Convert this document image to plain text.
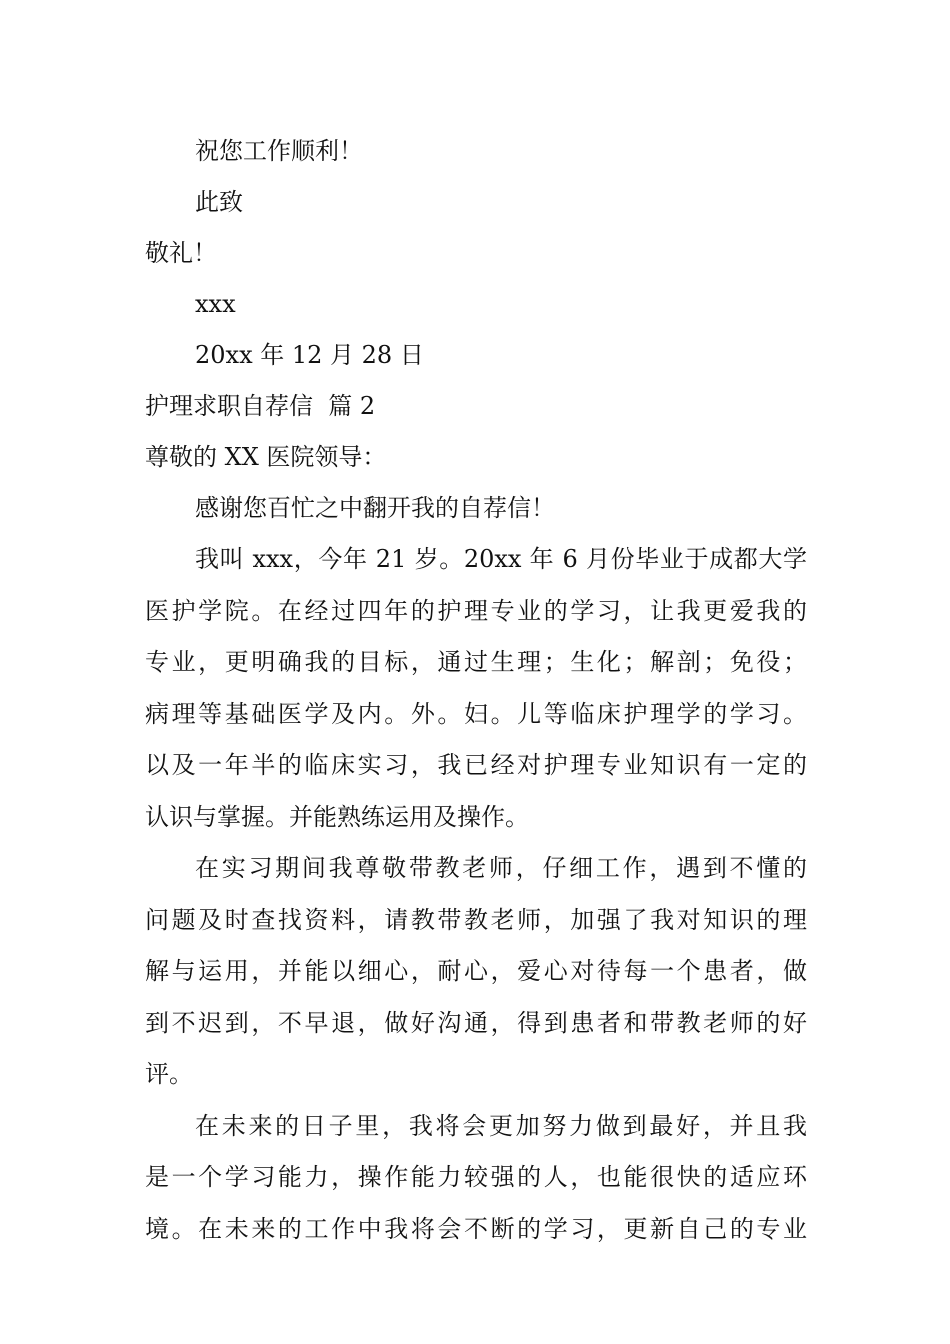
祝您工作顺利！
此致
敬礼！
xxx
20xx 年 12 月 28 日
护理求职自荐信  篇 2
尊敬的 XX 医院领导：
感谢您百忙之中翻开我的自荐信！
我叫 xxx，今年 21 岁。20xx 年 6 月份毕业于成都大学
医护学院。在经过四年的护理专业的学习，让我更爱我的
专业，更明确我的目标，通过生理；生化；解剖；免役；
病理等基础医学及内。外。妇。儿等临床护理学的学习。
以及一年半的临床实习，我已经对护理专业知识有一定的
认识与掌握。并能熟练运用及操作。
在实习期间我尊敬带教老师，仔细工作，遇到不懂的
问题及时查找资料，请教带教老师，加强了我对知识的理
解与运用，并能以细心，耐心，爱心对待每一个患者，做
到不迟到，不早退，做好沟通，得到患者和带教老师的好
评。
在未来的日子里，我将会更加努力做到最好，并且我
是一个学习能力，操作能力较强的人，也能很快的适应环
境。在未来的工作中我将会不断的学习，更新自己的专业
